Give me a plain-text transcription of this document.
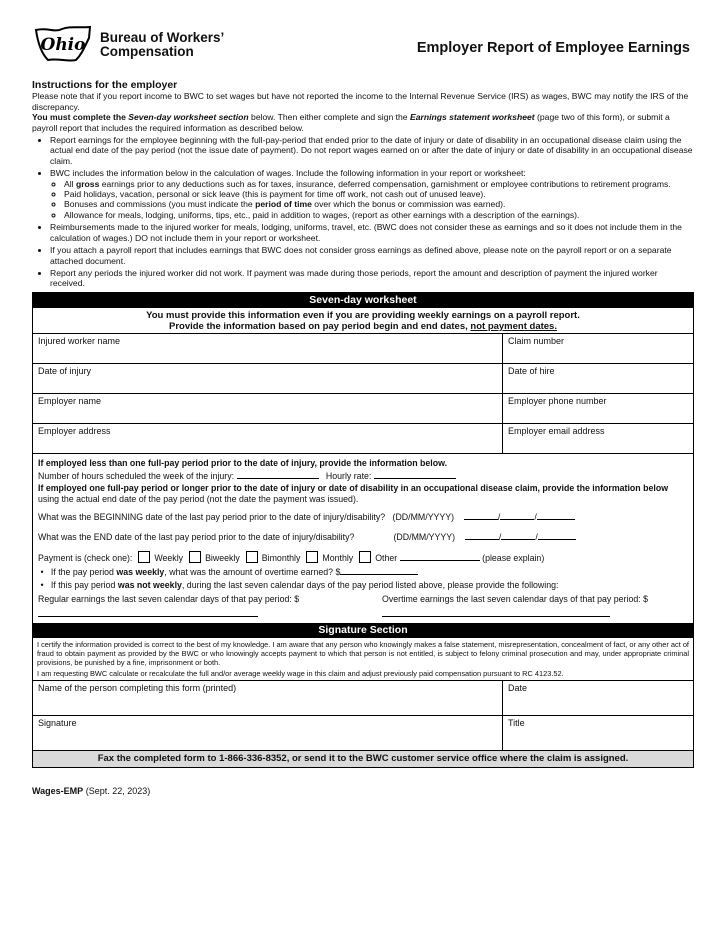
Ohio Bureau of Workers’
Compensation	Employer Report of Employee Earnings
Instructions for the employer
Please note that if you report income to BWC to set wages but have not reported the income to the Internal Revenue Service (IRS) as wages, BWC may notify the IRS of the discrepancy.
You must complete the Seven-day worksheet section below. Then either complete and sign the Earnings statement worksheet (page two of this form), or submit a payroll report that includes the required information as described below.
• Report earnings for the employee beginning with the full-pay-period that ended prior to the date of injury or date of disability in an occupational disease claim using the actual end date of the pay period (not the issue date of payment). Do not report wages earned on or after the date of injury or date of disability in an occupational disease claim.
• BWC includes the information below in the calculation of wages. Include the following information in your report or worksheet:
◦ All gross earnings prior to any deductions such as for taxes, insurance, deferred compensation, garnishment or employee contributions to retirement programs.
◦ Paid holidays, vacation, personal or sick leave (this is payment for time off work, not cash out of unused leave).
◦ Bonuses and commissions (you must indicate the period of time over which the bonus or commission was earned).
◦ Allowance for meals, lodging, uniforms, tips, etc., paid in addition to wages, (report as other earnings with a description of the earnings).
• Reimbursements made to the injured worker for meals, lodging, uniforms, travel, etc. (BWC does not consider these as earnings and so it does not include them in the calculation of wages.) DO not include them in your report or worksheet.
• If you attach a payroll report that includes earnings that BWC does not consider gross earnings as defined above, please note on the payroll report or on a separate attached document.
• Report any periods the injured worker did not work. If payment was made during those periods, report the amount and description of payment the injured worker received.
Seven-day worksheet
You must provide this information even if you are providing weekly earnings on a payroll report.
Provide the information based on pay period begin and end dates, not payment dates.
Injured worker name	Claim number
Date of injury	Date of hire
Employer name	Employer phone number
Employer address	Employer email address
If employed less than one full-pay period prior to the date of injury, provide the information below.
Number of hours scheduled the week of the injury:	Hourly rate:
If employed one full-pay period or longer prior to the date of injury or date of disability in an occupational disease claim, provide the information below using the actual end date of the pay period (not the date the payment was issued).
What was the BEGINNING date of the last pay period prior to the date of injury/disability? (DD/MM/YYYY)	/	/
What was the END date of the last pay period prior to the date of injury/disability?	(DD/MM/YYYY)	/	/
Payment is (check one):	Weekly	Biweekly	Bimonthly	Monthly	Other	(please explain)
•   If the pay period was weekly, what was the amount of overtime earned? $
•   If this pay period was not weekly, during the last seven calendar days of the pay period listed above, please provide the following:
Regular earnings the last seven calendar days of that pay period: $	Overtime earnings the last seven calendar days of that pay period: $
Signature Section
I certify the information provided is correct to the best of my knowledge. I am aware that any person who knowingly makes a false statement, misrepresentation, concealment of fact, or any other act of fraud to obtain payment as provided by the BWC or who knowingly accepts payment to which that person is not entitled, is subject to felony criminal prosecution and may, under appropriate criminal provisions, be punished by a fine, imprisonment or both.
I am requesting BWC calculate or recalculate the full and/or average weekly wage in this claim and adjust previously paid compensation pursuant to RC 4123.52.
Name of the person completing this form (printed)	Date
Signature	Title
Fax the completed form to 1-866-336-8352, or send it to the BWC customer service office where the claim is assigned.
Wages-EMP (Sept. 22, 2023)
